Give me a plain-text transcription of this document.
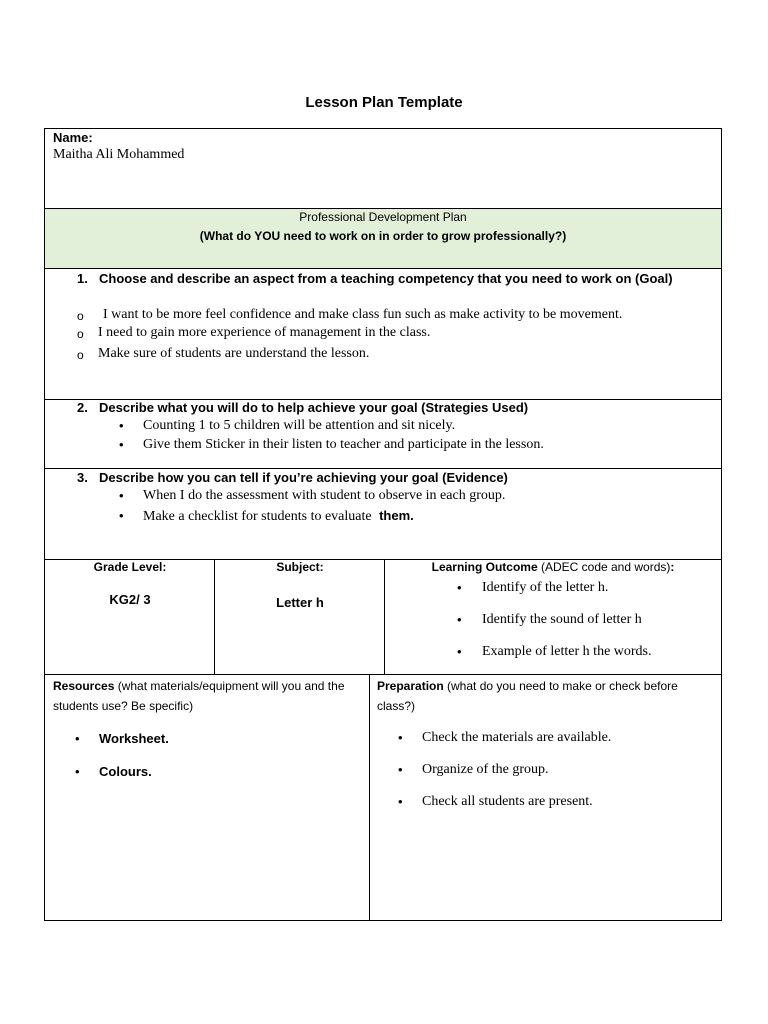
Lesson Plan Template
Name:
Maitha Ali Mohammed
Professional Development Plan
(What do YOU need to work on in order to grow professionally?)
1. Choose and describe an aspect from a teaching competency that you need to work on (Goal)
o I want to be more feel confidence and make class fun such as make activity to be movement.
o I need to gain more experience of management in the class.
o Make sure of students are understand the lesson.
2. Describe what you will do to help achieve your goal (Strategies Used)
• Counting 1 to 5 children will be attention and sit nicely.
• Give them Sticker in their listen to teacher and participate in the lesson.
3. Describe how you can tell if you’re achieving your goal (Evidence)
• When I do the assessment with student to observe in each group.
• Make a checklist for students to evaluate them.
Grade Level:
KG2/ 3
Subject:
Letter h
Learning Outcome (ADEC code and words):
• Identify of the letter h.
• Identify the sound of letter h
• Example of letter h the words.
Resources (what materials/equipment will you and the students use? Be specific)
• Worksheet.
• Colours.
Preparation (what do you need to make or check before class?)
• Check the materials are available.
• Organize of the group.
• Check all students are present.
